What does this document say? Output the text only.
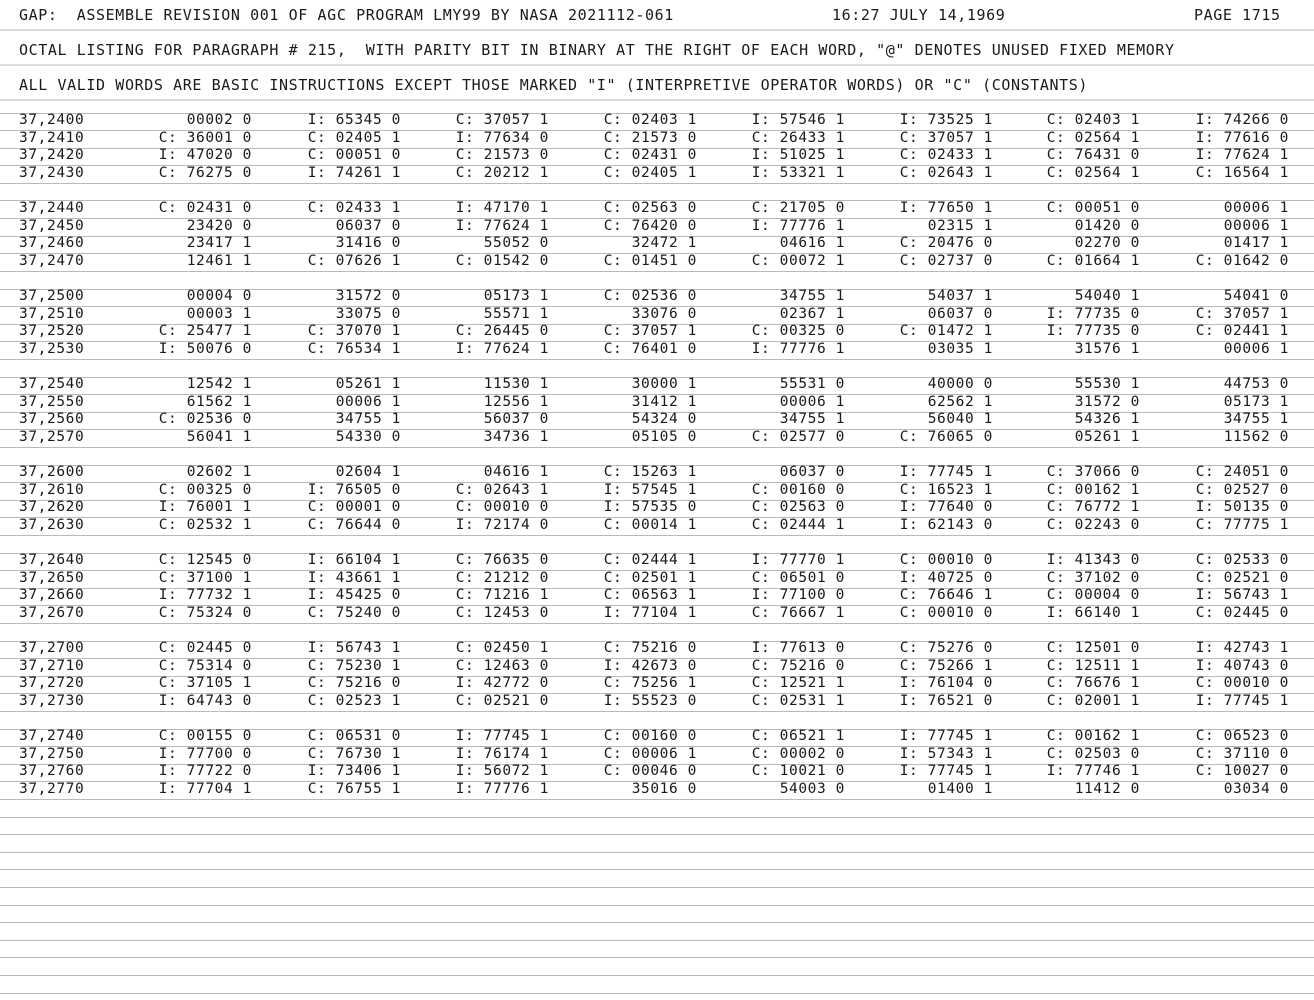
GAP:  ASSEMBLE REVISION 001 OF AGC PROGRAM LMY99 BY NASA 2021112-061

	16:27 JULY 14,1969

	PAGE 1715

OCTAL LISTING FOR PARAGRAPH # 215,  WITH PARITY BIT IN BINARY AT THE RIGHT OF EACH WORD, "@" DENOTES UNUSED FIXED MEMORY

ALL VALID WORDS ARE BASIC INSTRUCTIONS EXCEPT THOSE MARKED "I" (INTERPRETIVE OPERATOR WORDS) OR "C" (CONSTANTS)

37,2400	00002 0	I: 65345 0	C: 37057 1	C: 02403 1	I: 57546 1	I: 73525 1	C: 02403 1	I: 74266 0
37,2410	C: 36001 0	C: 02405 1	I: 77634 0	C: 21573 0	C: 26433 1	C: 37057 1	C: 02564 1	I: 77616 0
37,2420	I: 47020 0	C: 00051 0	C: 21573 0	C: 02431 0	I: 51025 1	C: 02433 1	C: 76431 0	I: 77624 1
37,2430	C: 76275 0	I: 74261 1	C: 20212 1	C: 02405 1	I: 53321 1	C: 02643 1	C: 02564 1	C: 16564 1
37,2440	C: 02431 0	C: 02433 1	I: 47170 1	C: 02563 0	C: 21705 0	I: 77650 1	C: 00051 0	00006 1
37,2450	23420 0	06037 0	I: 77624 1	C: 76420 0	I: 77776 1	02315 1	01420 0	00006 1
37,2460	23417 1	31416 0	55052 0	32472 1	04616 1	C: 20476 0	02270 0	01417 1
37,2470	12461 1	C: 07626 1	C: 01542 0	C: 01451 0	C: 00072 1	C: 02737 0	C: 01664 1	C: 01642 0
37,2500	00004 0	31572 0	05173 1	C: 02536 0	34755 1	54037 1	54040 1	54041 0
37,2510	00003 1	33075 0	55571 1	33076 0	02367 1	06037 0	I: 77735 0	C: 37057 1
37,2520	C: 25477 1	C: 37070 1	C: 26445 0	C: 37057 1	C: 00325 0	C: 01472 1	I: 77735 0	C: 02441 1
37,2530	I: 50076 0	C: 76534 1	I: 77624 1	C: 76401 0	I: 77776 1	03035 1	31576 1	00006 1
37,2540	12542 1	05261 1	11530 1	30000 1	55531 0	40000 0	55530 1	44753 0
37,2550	61562 1	00006 1	12556 1	31412 1	00006 1	62562 1	31572 0	05173 1
37,2560	C: 02536 0	34755 1	56037 0	54324 0	34755 1	56040 1	54326 1	34755 1
37,2570	56041 1	54330 0	34736 1	05105 0	C: 02577 0	C: 76065 0	05261 1	11562 0
37,2600	02602 1	02604 1	04616 1	C: 15263 1	06037 0	I: 77745 1	C: 37066 0	C: 24051 0
37,2610	C: 00325 0	I: 76505 0	C: 02643 1	I: 57545 1	C: 00160 0	C: 16523 1	C: 00162 1	C: 02527 0
37,2620	I: 76001 1	C: 00001 0	C: 00010 0	I: 57535 0	C: 02563 0	I: 77640 0	C: 76772 1	I: 50135 0
37,2630	C: 02532 1	C: 76644 0	I: 72174 0	C: 00014 1	C: 02444 1	I: 62143 0	C: 02243 0	C: 77775 1
37,2640	C: 12545 0	I: 66104 1	C: 76635 0	C: 02444 1	I: 77770 1	C: 00010 0	I: 41343 0	C: 02533 0
37,2650	C: 37100 1	I: 43661 1	C: 21212 0	C: 02501 1	C: 06501 0	I: 40725 0	C: 37102 0	C: 02521 0
37,2660	I: 77732 1	I: 45425 0	C: 71216 1	C: 06563 1	I: 77100 0	C: 76646 1	C: 00004 0	I: 56743 1
37,2670	C: 75324 0	C: 75240 0	C: 12453 0	I: 77104 1	C: 76667 1	C: 00010 0	I: 66140 1	C: 02445 0
37,2700	C: 02445 0	I: 56743 1	C: 02450 1	C: 75216 0	I: 77613 0	C: 75276 0	C: 12501 0	I: 42743 1
37,2710	C: 75314 0	C: 75230 1	C: 12463 0	I: 42673 0	C: 75216 0	C: 75266 1	C: 12511 1	I: 40743 0
37,2720	C: 37105 1	C: 75216 0	I: 42772 0	C: 75256 1	C: 12521 1	I: 76104 0	C: 76676 1	C: 00010 0
37,2730	I: 64743 0	C: 02523 1	C: 02521 0	I: 55523 0	C: 02531 1	I: 76521 0	C: 02001 1	I: 77745 1
37,2740	C: 00155 0	C: 06531 0	I: 77745 1	C: 00160 0	C: 06521 1	I: 77745 1	C: 00162 1	C: 06523 0
37,2750	I: 77700 0	C: 76730 1	I: 76174 1	C: 00006 1	C: 00002 0	I: 57343 1	C: 02503 0	C: 37110 0
37,2760	I: 77722 0	I: 73406 1	I: 56072 1	C: 00046 0	C: 10021 0	I: 77745 1	I: 77746 1	C: 10027 0
37,2770	I: 77704 1	C: 76755 1	I: 77776 1	35016 0	54003 0	01400 1	11412 0	03034 0
